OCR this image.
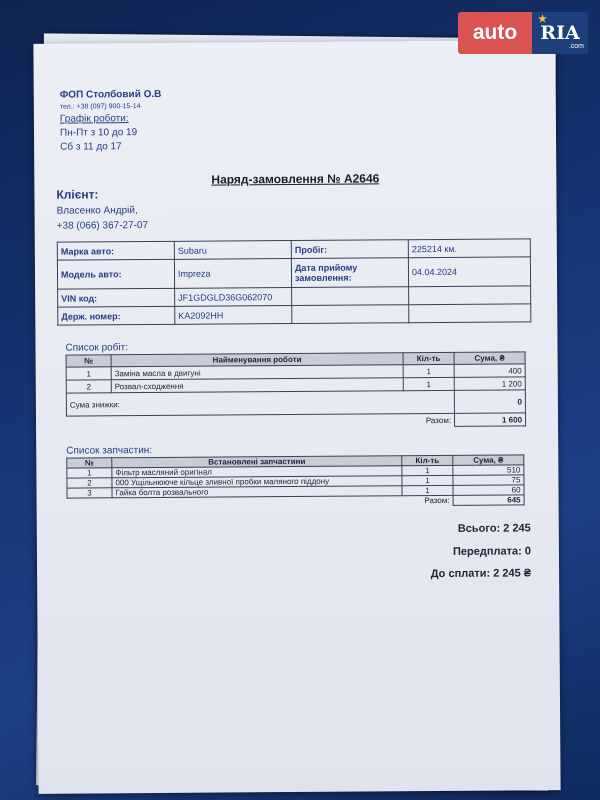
ФОП Столбовий О.В
тел.: +38 (097) 900-15-14
Графік роботи:
Пн-Пт з 10 до 19
Сб з 11 до 17
Наряд-замовлення № А2646
Клієнт:
Власенко Андрій,
+38 (066) 367-27-07
Марка авто:	Subaru	Пробіг:	225214 км.
Модель авто:	Impreza	Дата прийому замовлення:	04.04.2024
VIN код:	JF1GDGLD36G062070		
Держ. номер:	KA2092HH		
Список робіт:
№	Найменування роботи	Кіл-ть	Сума, ₴
1	Заміна масла в двигуні	1	400
2	Розвал-сходження	1	1 200
Сума знижки:			0
Разом:			1 600
Список запчастин:
№	Встановлені запчастини	Кіл-ть	Сума, ₴
1	Фільтр масляний оригінал	1	510
2	000 Ущільнююче кільце зливної пробки маляного піддону	1	75
3	Гайка болта розвального	1	60
Разом:			645
Всього: 2 245
Передплата: 0
До сплати: 2 245 ₴
auto
★
RIA
.com
